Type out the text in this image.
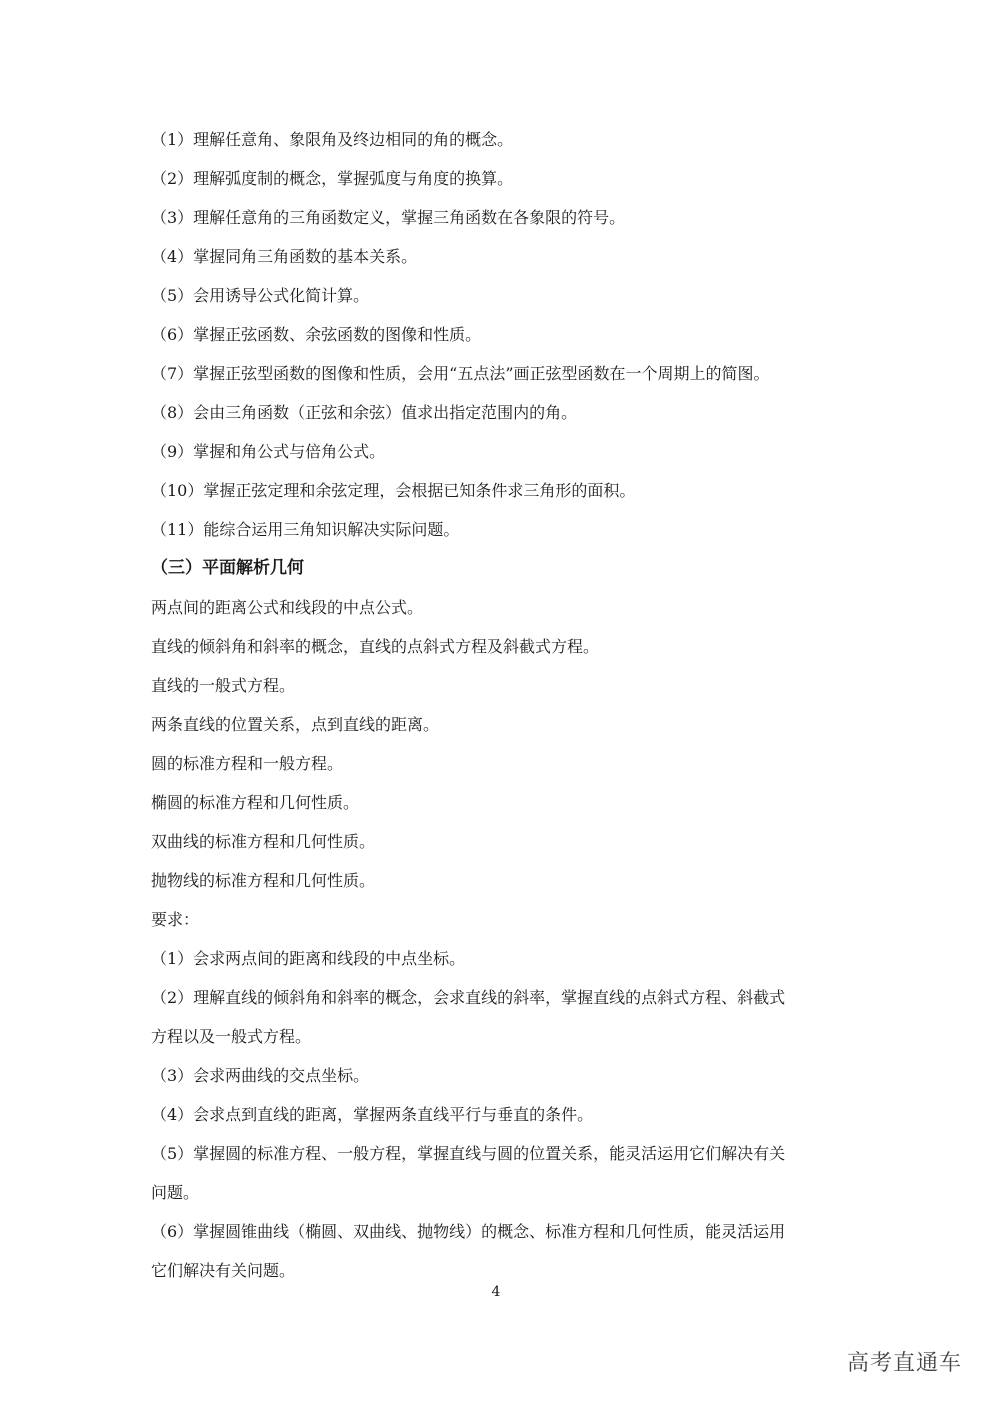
（1）理解任意角、象限角及终边相同的角的概念。
（2）理解弧度制的概念，掌握弧度与角度的换算。
（3）理解任意角的三角函数定义，掌握三角函数在各象限的符号。
（4）掌握同角三角函数的基本关系。
（5）会用诱导公式化简计算。
（6）掌握正弦函数、余弦函数的图像和性质。
（7）掌握正弦型函数的图像和性质，会用“五点法”画正弦型函数在一个周期上的简图。
（8）会由三角函数（正弦和余弦）值求出指定范围内的角。
（9）掌握和角公式与倍角公式。
（10）掌握正弦定理和余弦定理，会根据已知条件求三角形的面积。
（11）能综合运用三角知识解决实际问题。
（三）平面解析几何
两点间的距离公式和线段的中点公式。
直线的倾斜角和斜率的概念，直线的点斜式方程及斜截式方程。
直线的一般式方程。
两条直线的位置关系，点到直线的距离。
圆的标准方程和一般方程。
椭圆的标准方程和几何性质。
双曲线的标准方程和几何性质。
抛物线的标准方程和几何性质。
要求：
（1）会求两点间的距离和线段的中点坐标。
（2）理解直线的倾斜角和斜率的概念，会求直线的斜率，掌握直线的点斜式方程、斜截式
方程以及一般式方程。
（3）会求两曲线的交点坐标。
（4）会求点到直线的距离，掌握两条直线平行与垂直的条件。
（5）掌握圆的标准方程、一般方程，掌握直线与圆的位置关系，能灵活运用它们解决有关
问题。
（6）掌握圆锥曲线（椭圆、双曲线、抛物线）的概念、标准方程和几何性质，能灵活运用
它们解决有关问题。
4
高考直通车
